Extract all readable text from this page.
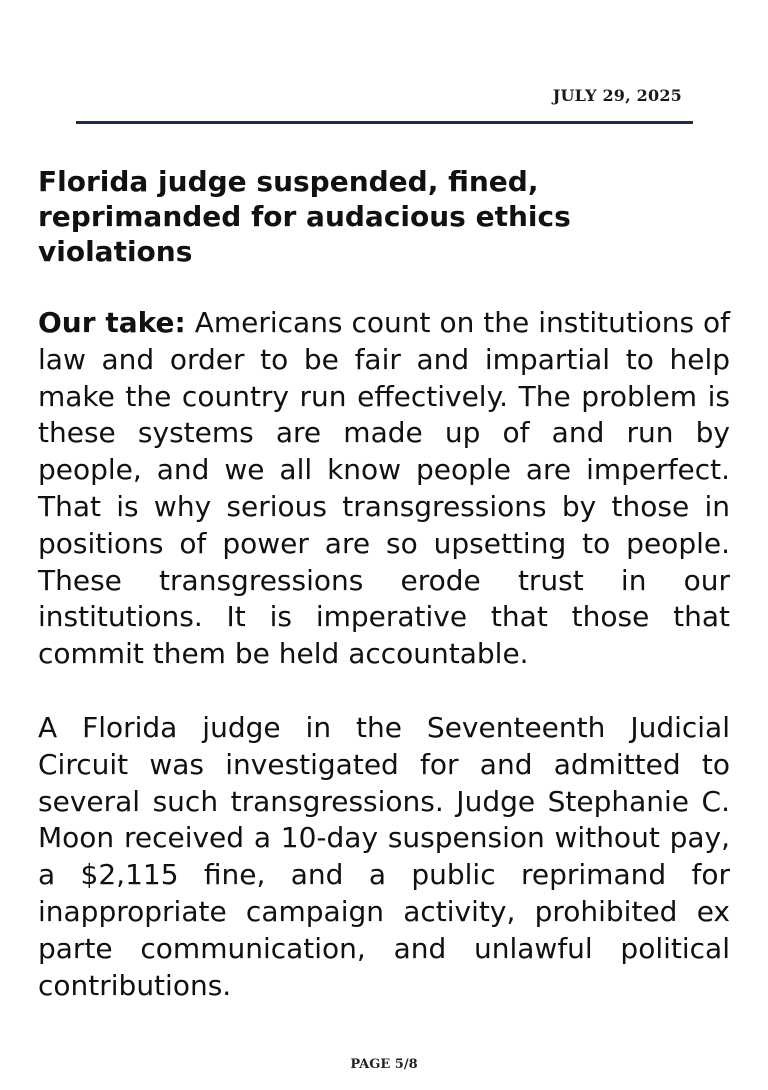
JULY 29, 2025
Florida judge suspended, fined, reprimanded for audacious ethics violations

Our take: Americans count on the institutions of law and order to be fair and impartial to help make the country run effectively. The problem is these systems are made up of and run by people, and we all know people are imperfect. That is why serious transgressions by those in positions of power are so upsetting to people. These transgressions erode trust in our institutions. It is imperative that those that commit them be held accountable.

A Florida judge in the Seventeenth Judicial Circuit was investigated for and admitted to several such transgressions. Judge Stephanie C. Moon received a 10-day suspension without pay, a $2,115 fine, and a public reprimand for inappropriate campaign activity, prohibited ex parte communication, and unlawful political contributions.

PAGE 5/8
